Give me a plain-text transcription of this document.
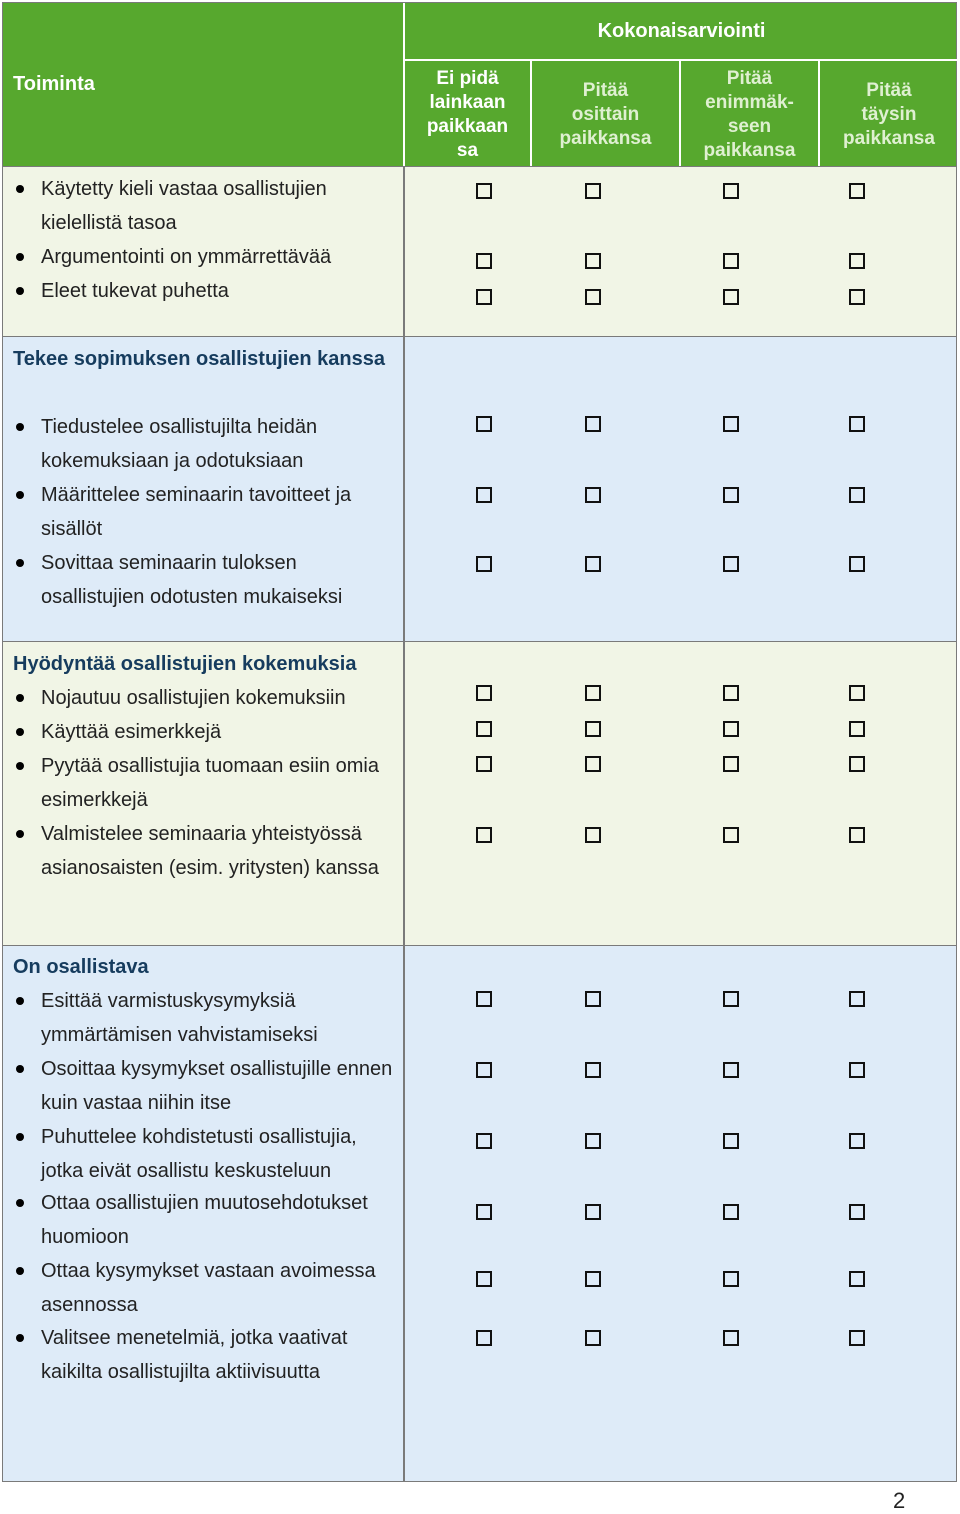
Toiminta
Kokonaisarviointi
Ei pidä
lainkaan
paikkaan
sa
Pitää
osittain
paikkansa
Pitää
enimmäk-
seen
paikkansa
Pitää
täysin
paikkansa
Käytetty kieli vastaa osallistujien kielellistä tasoa
Argumentointi on ymmärrettävää
Eleet tukevat puhetta
Tekee sopimuksen osallistujien kanssa
Tiedustelee osallistujilta heidän kokemuksiaan ja odotuksiaan
Määrittelee seminaarin tavoitteet ja sisällöt
Sovittaa seminaarin tuloksen osallistujien odotusten mukaiseksi
Hyödyntää osallistujien kokemuksia
Nojautuu osallistujien kokemuksiin
Käyttää esimerkkejä
Pyytää osallistujia tuomaan esiin omia esimerkkejä
Valmistelee seminaaria yhteistyössä asianosaisten (esim. yritysten) kanssa
On osallistava
Esittää varmistuskysymyksiä ymmärtämisen vahvistamiseksi
Osoittaa kysymykset osallistujille ennen kuin vastaa niihin itse
Puhuttelee kohdistetusti osallistujia, jotka eivät osallistu keskusteluun
Ottaa osallistujien muutosehdotukset huomioon
Ottaa kysymykset vastaan avoimessa asennossa
Valitsee menetelmiä, jotka vaativat kaikilta osallistujilta aktiivisuutta
2
